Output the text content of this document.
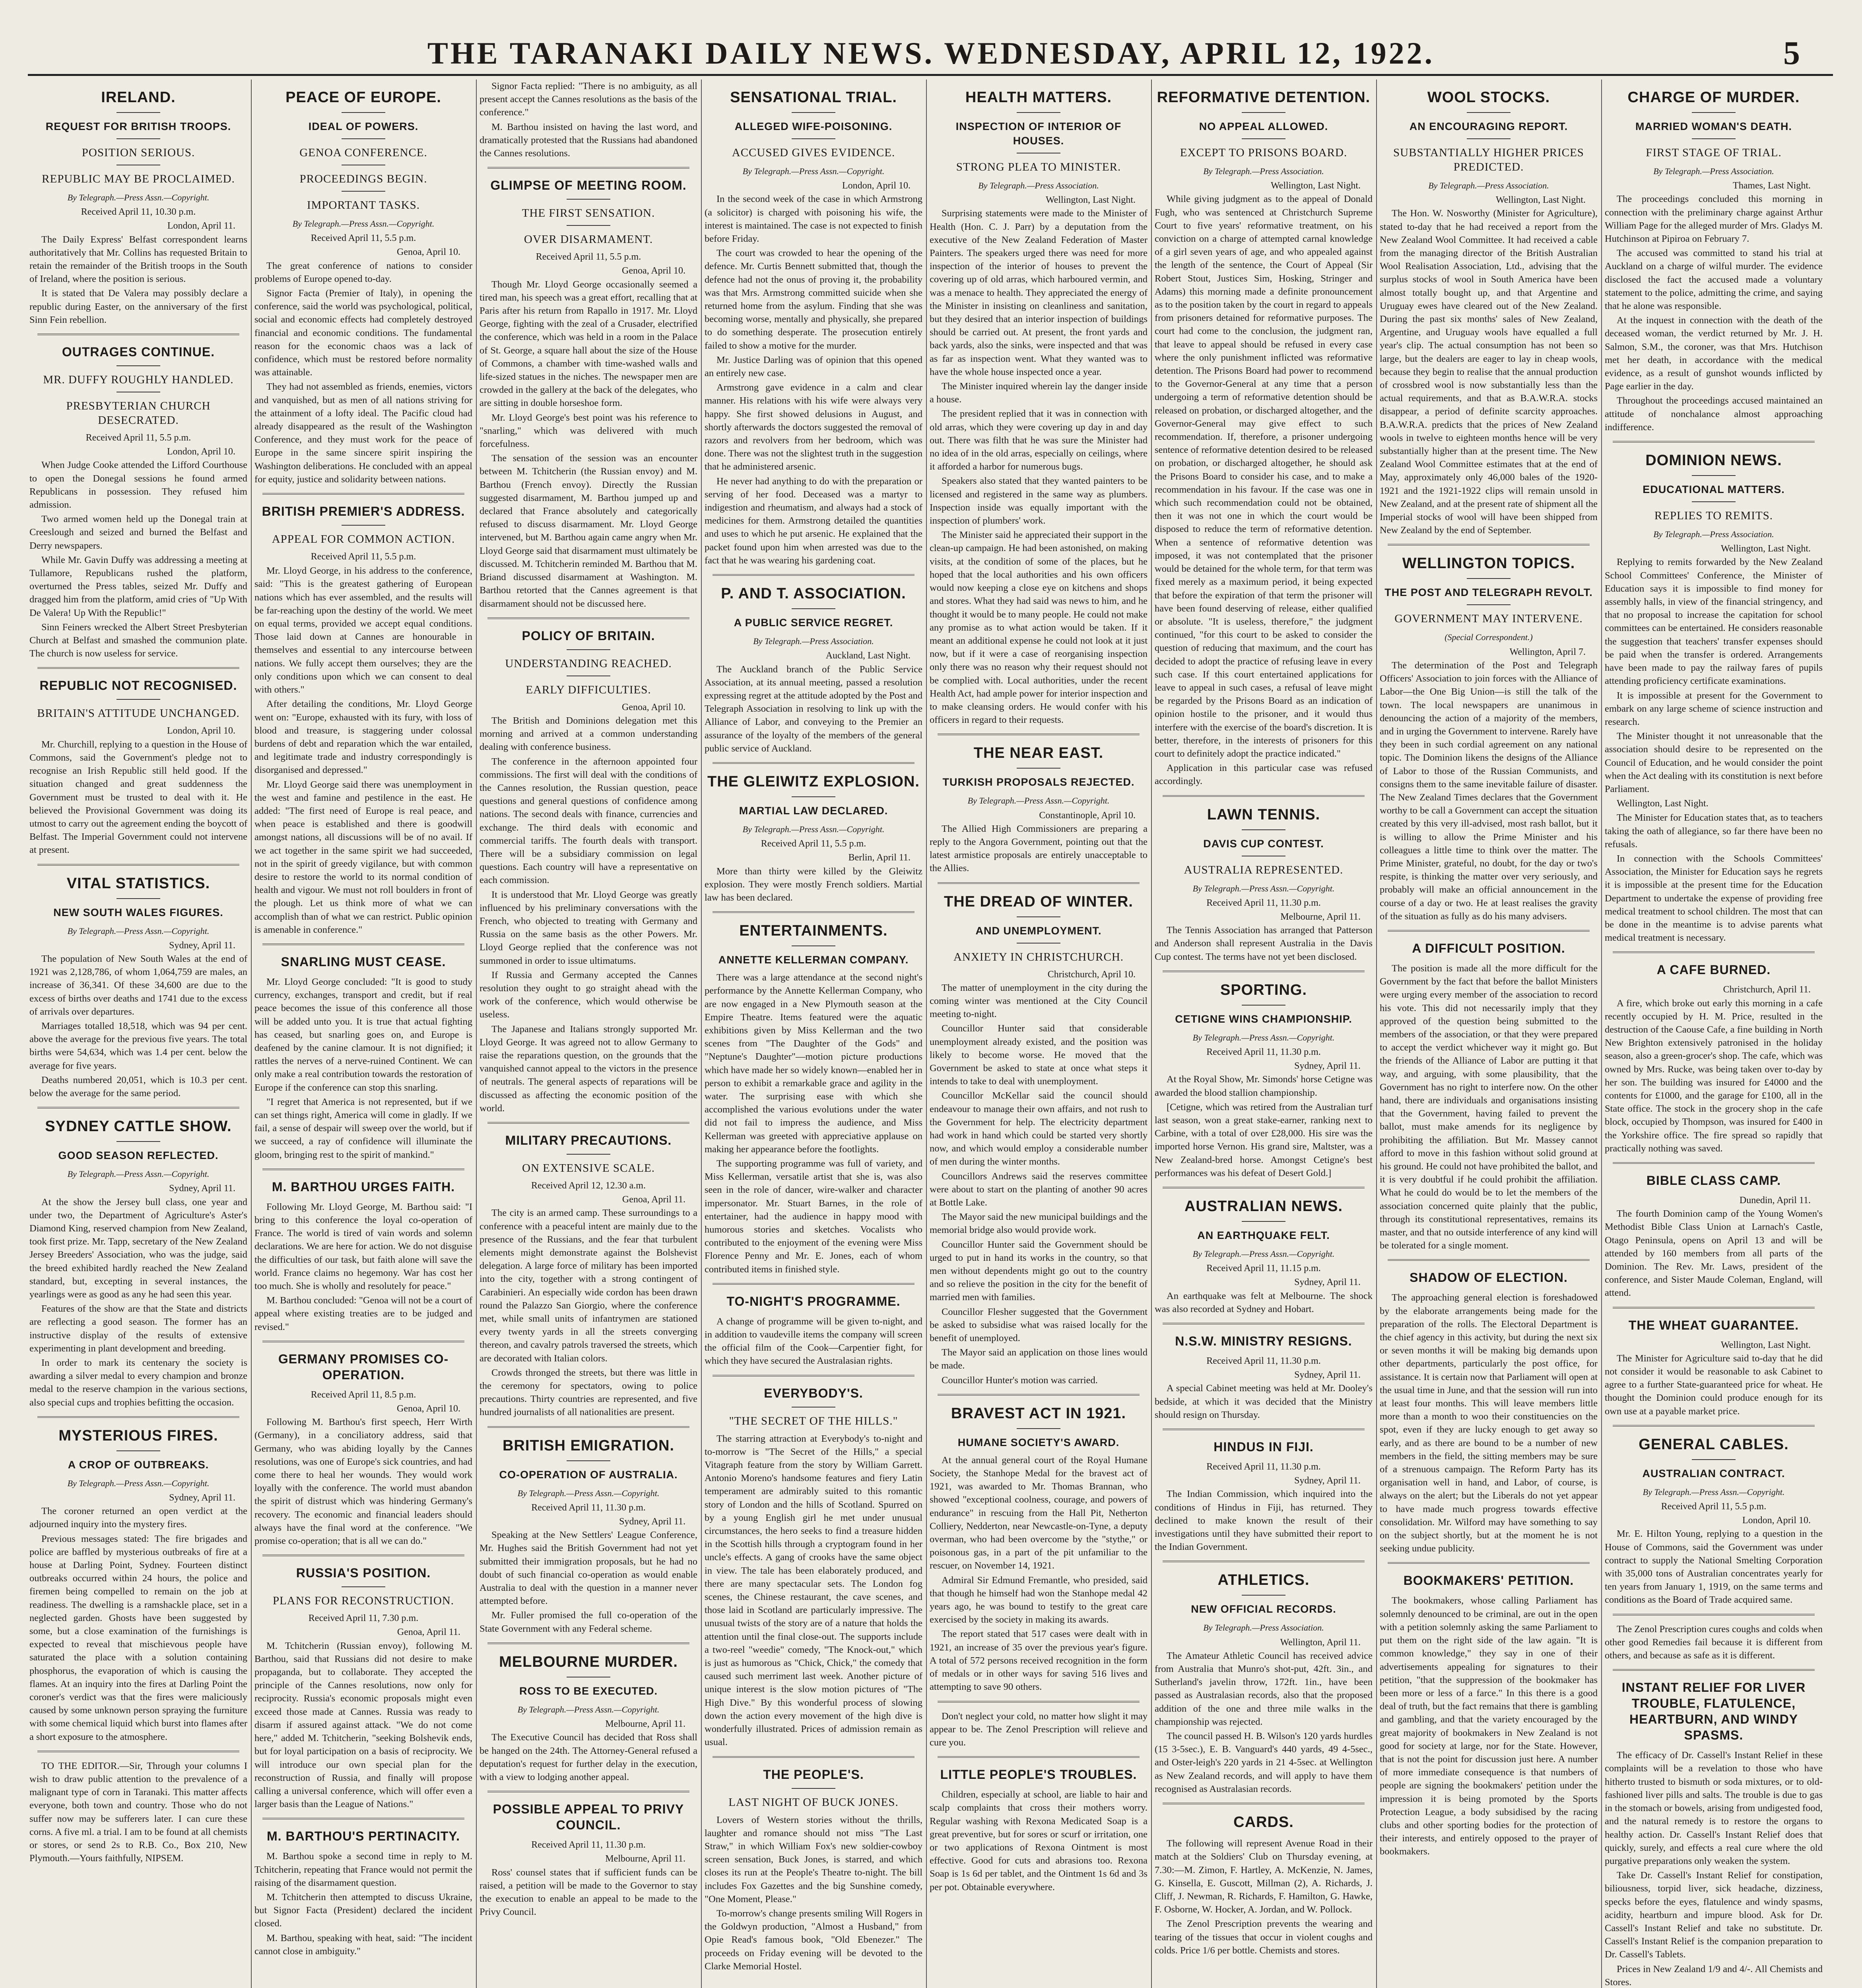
THE TARANAKI DAILY NEWS. WEDNESDAY, APRIL 12, 1922.	5
IRELAND.
REQUEST FOR BRITISH TROOPS.
POSITION SERIOUS.
REPUBLIC MAY BE PROCLAIMED.
By Telegraph.—Press Assn.—Copyright.
Received April 11, 10.30 p.m.
London, April 11.

The Daily Express' Belfast correspondent learns authoritatively that Mr. Collins has requested Britain to retain the remainder of the British troops in the South of Ireland, where the position is serious.

It is stated that De Valera may possibly declare a republic during Easter, on the anniversary of the first Sinn Fein rebellion.

OUTRAGES CONTINUE.
MR. DUFFY ROUGHLY HANDLED.
PRESBYTERIAN CHURCH DESECRATED.
Received April 11, 5.5 p.m.
London, April 10.

When Judge Cooke attended the Lifford Courthouse to open the Donegal sessions he found armed Republicans in possession. They refused him admission.

Two armed women held up the Donegal train at Creeslough and seized and burned the Belfast and Derry newspapers.

While Mr. Gavin Duffy was addressing a meeting at Tullamore, Republicans rushed the platform, overturned the Press tables, seized Mr. Duffy and dragged him from the platform, amid cries of "Up With De Valera! Up With the Republic!"

Sinn Feiners wrecked the Albert Street Presbyterian Church at Belfast and smashed the communion plate. The church is now useless for service.

REPUBLIC NOT RECOGNISED.
BRITAIN'S ATTITUDE UNCHANGED.
London, April 10.

Mr. Churchill, replying to a question in the House of Commons, said the Government's pledge not to recognise an Irish Republic still held good. If the situation changed and great suddenness the Government must be trusted to deal with it. He believed the Provisional Government was doing its utmost to carry out the agreement ending the boycott of Belfast. The Imperial Government could not intervene at present.

VITAL STATISTICS.
NEW SOUTH WALES FIGURES.
By Telegraph.—Press Assn.—Copyright.
Sydney, April 11.

The population of New South Wales at the end of 1921 was 2,128,786, of whom 1,064,759 are males, an increase of 36,341. Of these 34,600 are due to the excess of births over deaths and 1741 due to the excess of arrivals over departures.

Marriages totalled 18,518, which was 94 per cent. above the average for the previous five years. The total births were 54,634, which was 1.4 per cent. below the average for five years.

Deaths numbered 20,051, which is 10.3 per cent. below the average for the same period.

SYDNEY CATTLE SHOW.
GOOD SEASON REFLECTED.
By Telegraph.—Press Assn.—Copyright.
Sydney, April 11.

At the show the Jersey bull class, one year and under two, the Department of Agriculture's Aster's Diamond King, reserved champion from New Zealand, took first prize. Mr. Tapp, secretary of the New Zealand Jersey Breeders' Association, who was the judge, said the breed exhibited hardly reached the New Zealand standard, but, excepting in several instances, the yearlings were as good as any he had seen this year.

Features of the show are that the State and districts are reflecting a good season. The former has an instructive display of the results of extensive experimenting in plant development and breeding.

In order to mark its centenary the society is awarding a silver medal to every champion and bronze medal to the reserve champion in the various sections, also special cups and trophies befitting the occasion.

MYSTERIOUS FIRES.
A CROP OF OUTBREAKS.
By Telegraph.—Press Assn.—Copyright.
Sydney, April 11.

The coroner returned an open verdict at the adjourned inquiry into the mystery fires.

Previous messages stated: The fire brigades and police are baffled by mysterious outbreaks of fire at a house at Darling Point, Sydney. Fourteen distinct outbreaks occurred within 24 hours, the police and firemen being compelled to remain on the job at readiness. The dwelling is a ramshackle place, set in a neglected garden. Ghosts have been suggested by some, but a close examination of the furnishings is expected to reveal that mischievous people have saturated the place with a solution containing phosphorus, the evaporation of which is causing the flames. At an inquiry into the fires at Darling Point the coroner's verdict was that the fires were maliciously caused by some unknown person spraying the furniture with some chemical liquid which burst into flames after a short exposure to the atmosphere.

TO THE EDITOR.—Sir, Through your columns I wish to draw public attention to the prevalence of a malignant type of corn in Taranaki. This matter affects everyone, both town and country. Those who do not suffer now may be sufferers later. I can cure these corns. A five ml. a trial. I am to be found at all chemists or stores, or send 2s to R.B. Co., Box 210, New Plymouth.—Yours faithfully, NIPSEM.

PEACE OF EUROPE.
IDEAL OF POWERS.
GENOA CONFERENCE.
PROCEEDINGS BEGIN.
IMPORTANT TASKS.
By Telegraph.—Press Assn.—Copyright.
Received April 11, 5.5 p.m.
Genoa, April 10.

The great conference of nations to consider problems of Europe opened to-day.

Signor Facta (Premier of Italy), in opening the conference, said the world was psychological, political, social and economic effects had completely destroyed financial and economic conditions. The fundamental reason for the economic chaos was a lack of confidence, which must be restored before normality was attainable.

They had not assembled as friends, enemies, victors and vanquished, but as men of all nations striving for the attainment of a lofty ideal. The Pacific cloud had already disappeared as the result of the Washington Conference, and they must work for the peace of Europe in the same sincere spirit inspiring the Washington deliberations. He concluded with an appeal for equity, justice and solidarity between nations.

BRITISH PREMIER'S ADDRESS.
APPEAL FOR COMMON ACTION.
Received April 11, 5.5 p.m.

Mr. Lloyd George, in his address to the conference, said: "This is the greatest gathering of European nations which has ever assembled, and the results will be far-reaching upon the destiny of the world. We meet on equal terms, provided we accept equal conditions. Those laid down at Cannes are honourable in themselves and essential to any intercourse between nations. We fully accept them ourselves; they are the only conditions upon which we can consent to deal with others."

After detailing the conditions, Mr. Lloyd George went on: "Europe, exhausted with its fury, with loss of blood and treasure, is staggering under colossal burdens of debt and reparation which the war entailed, and legitimate trade and industry correspondingly is disorganised and depressed."

Mr. Lloyd George said there was unemployment in the west and famine and pestilence in the east. He added: "The first need of Europe is real peace, and when peace is established and there is goodwill amongst nations, all discussions will be of no avail. If we act together in the same spirit we had succeeded, not in the spirit of greedy vigilance, but with common desire to restore the world to its normal condition of health and vigour. We must not roll boulders in front of the plough. Let us think more of what we can accomplish than of what we can restrict. Public opinion is amenable in conference."

SNARLING MUST CEASE.

Mr. Lloyd George concluded: "It is good to study currency, exchanges, transport and credit, but if real peace becomes the issue of this conference all those will be added unto you. It is true that actual fighting has ceased, but snarling goes on, and Europe is deafened by the canine clamour. It is not dignified; it rattles the nerves of a nerve-ruined Continent. We can only make a real contribution towards the restoration of Europe if the conference can stop this snarling.

"I regret that America is not represented, but if we can set things right, America will come in gladly. If we fail, a sense of despair will sweep over the world, but if we succeed, a ray of confidence will illuminate the gloom, bringing rest to the spirit of mankind."

M. BARTHOU URGES FAITH.

Following Mr. Lloyd George, M. Barthou said: "I bring to this conference the loyal co-operation of France. The world is tired of vain words and solemn declarations. We are here for action. We do not disguise the difficulties of our task, but faith alone will save the world. France claims no hegemony. War has cost her too much. She is wholly and resolutely for peace."

M. Barthou concluded: "Genoa will not be a court of appeal where existing treaties are to be judged and revised."

GERMANY PROMISES CO-OPERATION.
Received April 11, 8.5 p.m.
Genoa, April 10.

Following M. Barthou's first speech, Herr Wirth (Germany), in a conciliatory address, said that Germany, who was abiding loyally by the Cannes resolutions, was one of Europe's sick countries, and had come there to heal her wounds. They would work loyally with the conference. The world must abandon the spirit of distrust which was hindering Germany's recovery. The economic and financial leaders should always have the final word at the conference. "We promise co-operation; that is all we can do."

RUSSIA'S POSITION.
PLANS FOR RECONSTRUCTION.
Received April 11, 7.30 p.m.
Genoa, April 11.

M. Tchitcherin (Russian envoy), following M. Barthou, said that Russians did not desire to make propaganda, but to collaborate. They accepted the principle of the Cannes resolutions, now only for reciprocity. Russia's economic proposals might even exceed those made at Cannes. Russia was ready to disarm if assured against attack. "We do not come here," added M. Tchitcherin, "seeking Bolshevik ends, but for loyal participation on a basis of reciprocity. We will introduce our own special plan for the reconstruction of Russia, and finally will propose calling a universal conference, which will offer even a larger basis than the League of Nations."

M. BARTHOU'S PERTINACITY.

M. Barthou spoke a second time in reply to M. Tchitcherin, repeating that France would not permit the raising of the disarmament question.

M. Tchitcherin then attempted to discuss Ukraine, but Signor Facta (President) declared the incident closed.

M. Barthou, speaking with heat, said: "The incident cannot close in ambiguity."

Signor Facta replied: "There is no ambiguity, as all present accept the Cannes resolutions as the basis of the conference."

M. Barthou insisted on having the last word, and dramatically protested that the Russians had abandoned the Cannes resolutions.

GLIMPSE OF MEETING ROOM.
THE FIRST SENSATION.
OVER DISARMAMENT.
Received April 11, 5.5 p.m.
Genoa, April 10.

Though Mr. Lloyd George occasionally seemed a tired man, his speech was a great effort, recalling that at Paris after his return from Rapallo in 1917. Mr. Lloyd George, fighting with the zeal of a Crusader, electrified the conference, which was held in a room in the Palace of St. George, a square hall about the size of the House of Commons, a chamber with time-washed walls and life-sized statues in the niches. The newspaper men are crowded in the gallery at the back of the delegates, who are sitting in double horseshoe form.

Mr. Lloyd George's best point was his reference to "snarling," which was delivered with much forcefulness.

The sensation of the session was an encounter between M. Tchitcherin (the Russian envoy) and M. Barthou (French envoy). Directly the Russian suggested disarmament, M. Barthou jumped up and declared that France absolutely and categorically refused to discuss disarmament. Mr. Lloyd George intervened, but M. Barthou again came angry when Mr. Lloyd George said that disarmament must ultimately be discussed. M. Tchitcherin reminded M. Barthou that M. Briand discussed disarmament at Washington. M. Barthou retorted that the Cannes agreement is that disarmament should not be discussed here.

POLICY OF BRITAIN.
UNDERSTANDING REACHED.
EARLY DIFFICULTIES.
Genoa, April 10.

The British and Dominions delegation met this morning and arrived at a common understanding dealing with conference business.

The conference in the afternoon appointed four commissions. The first will deal with the conditions of the Cannes resolution, the Russian question, peace questions and general questions of confidence among nations. The second deals with finance, currencies and exchange. The third deals with economic and commercial tariffs. The fourth deals with transport. There will be a subsidiary commission on legal questions. Each country will have a representative on each commission.

It is understood that Mr. Lloyd George was greatly influenced by his preliminary conversations with the French, who objected to treating with Germany and Russia on the same basis as the other Powers. Mr. Lloyd George replied that the conference was not summoned in order to issue ultimatums.

If Russia and Germany accepted the Cannes resolution they ought to go straight ahead with the work of the conference, which would otherwise be useless.

The Japanese and Italians strongly supported Mr. Lloyd George. It was agreed not to allow Germany to raise the reparations question, on the grounds that the vanquished cannot appeal to the victors in the presence of neutrals. The general aspects of reparations will be discussed as affecting the economic position of the world.

MILITARY PRECAUTIONS.
ON EXTENSIVE SCALE.
Received April 12, 12.30 a.m.
Genoa, April 11.

The city is an armed camp. These surroundings to a conference with a peaceful intent are mainly due to the presence of the Russians, and the fear that turbulent elements might demonstrate against the Bolshevist delegation. A large force of military has been imported into the city, together with a strong contingent of Carabinieri. An especially wide cordon has been drawn round the Palazzo San Giorgio, where the conference met, while small units of infantrymen are stationed every twenty yards in all the streets converging thereon, and cavalry patrols traversed the streets, which are decorated with Italian colors.

Crowds thronged the streets, but there was little in the ceremony for spectators, owing to police precautions. Thirty countries are represented, and five hundred journalists of all nationalities are present.

BRITISH EMIGRATION.
CO-OPERATION OF AUSTRALIA.
By Telegraph.—Press Assn.—Copyright.
Received April 11, 11.30 p.m.
Sydney, April 11.

Speaking at the New Settlers' League Conference, Mr. Hughes said the British Government had not yet submitted their immigration proposals, but he had no doubt of such financial co-operation as would enable Australia to deal with the question in a manner never attempted before.

Mr. Fuller promised the full co-operation of the State Government with any Federal scheme.

MELBOURNE MURDER.
ROSS TO BE EXECUTED.
By Telegraph.—Press Assn.—Copyright.
Melbourne, April 11.

The Executive Council has decided that Ross shall be hanged on the 24th. The Attorney-General refused a deputation's request for further delay in the execution, with a view to lodging another appeal.

POSSIBLE APPEAL TO PRIVY COUNCIL.
Received April 11, 11.30 p.m.
Melbourne, April 11.

Ross' counsel states that if sufficient funds can be raised, a petition will be made to the Governor to stay the execution to enable an appeal to be made to the Privy Council.

SENSATIONAL TRIAL.
ALLEGED WIFE-POISONING.
ACCUSED GIVES EVIDENCE.
By Telegraph.—Press Assn.—Copyright.
London, April 10.

In the second week of the case in which Armstrong (a solicitor) is charged with poisoning his wife, the interest is maintained. The case is not expected to finish before Friday.

The court was crowded to hear the opening of the defence. Mr. Curtis Bennett submitted that, though the defence had not the onus of proving it, the probability was that Mrs. Armstrong committed suicide when she returned home from the asylum. Finding that she was becoming worse, mentally and physically, she prepared to do something desperate. The prosecution entirely failed to show a motive for the murder.

Mr. Justice Darling was of opinion that this opened an entirely new case.

Armstrong gave evidence in a calm and clear manner. His relations with his wife were always very happy. She first showed delusions in August, and shortly afterwards the doctors suggested the removal of razors and revolvers from her bedroom, which was done. There was not the slightest truth in the suggestion that he administered arsenic.

He never had anything to do with the preparation or serving of her food. Deceased was a martyr to indigestion and rheumatism, and always had a stock of medicines for them. Armstrong detailed the quantities and uses to which he put arsenic. He explained that the packet found upon him when arrested was due to the fact that he was wearing his gardening coat.

P. AND T. ASSOCIATION.
A PUBLIC SERVICE REGRET.
By Telegraph.—Press Association.
Auckland, Last Night.

The Auckland branch of the Public Service Association, at its annual meeting, passed a resolution expressing regret at the attitude adopted by the Post and Telegraph Association in resolving to link up with the Alliance of Labor, and conveying to the Premier an assurance of the loyalty of the members of the general public service of Auckland.

THE GLEIWITZ EXPLOSION.
MARTIAL LAW DECLARED.
By Telegraph.—Press Assn.—Copyright.
Received April 11, 5.5 p.m.
Berlin, April 11.

More than thirty were killed by the Gleiwitz explosion. They were mostly French soldiers. Martial law has been declared.

ENTERTAINMENTS.
ANNETTE KELLERMAN COMPANY.

There was a large attendance at the second night's performance by the Annette Kellerman Company, who are now engaged in a New Plymouth season at the Empire Theatre. Items featured were the aquatic exhibitions given by Miss Kellerman and the two scenes from "The Daughter of the Gods" and "Neptune's Daughter"—motion picture productions which have made her so widely known—enabled her in person to exhibit a remarkable grace and agility in the water. The surprising ease with which she accomplished the various evolutions under the water did not fail to impress the audience, and Miss Kellerman was greeted with appreciative applause on making her appearance before the footlights.

The supporting programme was full of variety, and Miss Kellerman, versatile artist that she is, was also seen in the role of dancer, wire-walker and character impersonator. Mr. Stuart Barnes, in the role of entertainer, had the audience in happy mood with humorous stories and sketches. Vocalists who contributed to the enjoyment of the evening were Miss Florence Penny and Mr. E. Jones, each of whom contributed items in finished style.

TO-NIGHT'S PROGRAMME.

A change of programme will be given to-night, and in addition to vaudeville items the company will screen the official film of the Cook—Carpentier fight, for which they have secured the Australasian rights.

EVERYBODY'S.
"THE SECRET OF THE HILLS."

The starring attraction at Everybody's to-night and to-morrow is "The Secret of the Hills," a special Vitagraph feature from the story by William Garrett. Antonio Moreno's handsome features and fiery Latin temperament are admirably suited to this romantic story of London and the hills of Scotland. Spurred on by a young English girl he met under unusual circumstances, the hero seeks to find a treasure hidden in the Scottish hills through a cryptogram found in her uncle's effects. A gang of crooks have the same object in view. The tale has been elaborately produced, and there are many spectacular sets. The London fog scenes, the Chinese restaurant, the cave scenes, and those laid in Scotland are particularly impressive. The unusual twists of the story are of a nature that holds the attention until the final close-out. The supports include a two-reel "weedie" comedy, "The Knock-out," which is just as humorous as "Chick, Chick," the comedy that caused such merriment last week. Another picture of unique interest is the slow motion pictures of "The High Dive." By this wonderful process of slowing down the action every movement of the high dive is wonderfully illustrated. Prices of admission remain as usual.

THE PEOPLE'S.
LAST NIGHT OF BUCK JONES.

Lovers of Western stories without the thrills, laughter and romance should not miss "The Last Straw," in which William Fox's new soldier-cowboy screen sensation, Buck Jones, is starred, and which closes its run at the People's Theatre to-night. The bill includes Fox Gazettes and the big Sunshine comedy, "One Moment, Please."

To-morrow's change presents smiling Will Rogers in the Goldwyn production, "Almost a Husband," from Opie Read's famous book, "Old Ebenezer." The proceeds on Friday evening will be devoted to the Clarke Memorial Hostel.

HEALTH MATTERS.
INSPECTION OF INTERIOR OF HOUSES.
STRONG PLEA TO MINISTER.
By Telegraph.—Press Association.
Wellington, Last Night.

Surprising statements were made to the Minister of Health (Hon. C. J. Parr) by a deputation from the executive of the New Zealand Federation of Master Painters. The speakers urged there was need for more inspection of the interior of houses to prevent the covering up of old arras, which harboured vermin, and was a menace to health. They appreciated the energy of the Minister in insisting on cleanliness and sanitation, but they desired that an interior inspection of buildings should be carried out. At present, the front yards and back yards, also the sinks, were inspected and that was as far as inspection went. What they wanted was to have the whole house inspected once a year.

The Minister inquired wherein lay the danger inside a house.

The president replied that it was in connection with old arras, which they were covering up day in and day out. There was filth that he was sure the Minister had no idea of in the old arras, especially on ceilings, where it afforded a harbor for numerous bugs.

Speakers also stated that they wanted painters to be licensed and registered in the same way as plumbers. Inspection inside was equally important with the inspection of plumbers' work.

The Minister said he appreciated their support in the clean-up campaign. He had been astonished, on making visits, at the condition of some of the places, but he hoped that the local authorities and his own officers would now keeping a close eye on kitchens and shops and stores. What they had said was news to him, and he thought it would be to many people. He could not make any promise as to what action would be taken. If it meant an additional expense he could not look at it just now, but if it were a case of reorganising inspection only there was no reason why their request should not be complied with. Local authorities, under the recent Health Act, had ample power for interior inspection and to make cleansing orders. He would confer with his officers in regard to their requests.

THE NEAR EAST.
TURKISH PROPOSALS REJECTED.
By Telegraph.—Press Assn.—Copyright.
Constantinople, April 10.

The Allied High Commissioners are preparing a reply to the Angora Government, pointing out that the latest armistice proposals are entirely unacceptable to the Allies.

THE DREAD OF WINTER.
AND UNEMPLOYMENT.
ANXIETY IN CHRISTCHURCH.
Christchurch, April 10.

The matter of unemployment in the city during the coming winter was mentioned at the City Council meeting to-night.

Councillor Hunter said that considerable unemployment already existed, and the position was likely to become worse. He moved that the Government be asked to state at once what steps it intends to take to deal with unemployment.

Councillor McKellar said the council should endeavour to manage their own affairs, and not rush to the Government for help. The electricity department had work in hand which could be started very shortly now, and which would employ a considerable number of men during the winter months.

Councillors Andrews said the reserves committee were about to start on the planting of another 90 acres at Bottle Lake.

The Mayor said the new municipal buildings and the memorial bridge also would provide work.

Councillor Hunter said the Government should be urged to put in hand its works in the country, so that men without dependents might go out to the country and so relieve the position in the city for the benefit of married men with families.

Councillor Flesher suggested that the Government be asked to subsidise what was raised locally for the benefit of unemployed.

The Mayor said an application on those lines would be made.

Councillor Hunter's motion was carried.

BRAVEST ACT IN 1921.
HUMANE SOCIETY'S AWARD.

At the annual general court of the Royal Humane Society, the Stanhope Medal for the bravest act of 1921, was awarded to Mr. Thomas Brannan, who showed "exceptional coolness, courage, and powers of endurance" in rescuing from the Hall Pit, Netherton Colliery, Nedderton, near Newcastle-on-Tyne, a deputy overman, who had been overcome by the "stythe," or poisonous gas, in a part of the pit unfamiliar to the rescuer, on November 14, 1921.

Admiral Sir Edmund Fremantle, who presided, said that though he himself had won the Stanhope medal 42 years ago, he was bound to testify to the great care exercised by the society in making its awards.

The report stated that 517 cases were dealt with in 1921, an increase of 35 over the previous year's figure. A total of 572 persons received recognition in the form of medals or in other ways for saving 516 lives and attempting to save 90 others.

Don't neglect your cold, no matter how slight it may appear to be. The Zenol Prescription will relieve and cure you.

LITTLE PEOPLE'S TROUBLES.

Children, especially at school, are liable to hair and scalp complaints that cross their mothers worry. Regular washing with Rexona Medicated Soap is a great preventive, but for sores or scurf or irritation, one or two applications of Rexona Ointment is most effective. Good for cuts and abrasions too. Rexona Soap is 1s 6d per tablet, and the Ointment 1s 6d and 3s per pot. Obtainable everywhere.

REFORMATIVE DETENTION.
NO APPEAL ALLOWED.
EXCEPT TO PRISONS BOARD.
By Telegraph.—Press Association.
Wellington, Last Night.

While giving judgment as to the appeal of Donald Fugh, who was sentenced at Christchurch Supreme Court to five years' reformative treatment, on his conviction on a charge of attempted carnal knowledge of a girl seven years of age, and who appealed against the length of the sentence, the Court of Appeal (Sir Robert Stout, Justices Sim, Hosking, Stringer and Adams) this morning made a definite pronouncement as to the position taken by the court in regard to appeals from prisoners detained for reformative purposes. The court had come to the conclusion, the judgment ran, that leave to appeal should be refused in every case where the only punishment inflicted was reformative detention. The Prisons Board had power to recommend to the Governor-General at any time that a person undergoing a term of reformative detention should be released on probation, or discharged altogether, and the Governor-General may give effect to such recommendation. If, therefore, a prisoner undergoing sentence of reformative detention desired to be released on probation, or discharged altogether, he should ask the Prisons Board to consider his case, and to make a recommendation in his favour. If the case was one in which such recommendation could not be obtained, then it was not one in which the court would be disposed to reduce the term of reformative detention. When a sentence of reformative detention was imposed, it was not contemplated that the prisoner would be detained for the whole term, for that term was fixed merely as a maximum period, it being expected that before the expiration of that term the prisoner will have been found deserving of release, either qualified or absolute. "It is useless, therefore," the judgment continued, "for this court to be asked to consider the question of reducing that maximum, and the court has decided to adopt the practice of refusing leave in every such case. If this court entertained applications for leave to appeal in such cases, a refusal of leave might be regarded by the Prisons Board as an indication of opinion hostile to the prisoner, and it would thus interfere with the exercise of the board's discretion. It is better, therefore, in the interests of prisoners for this court to definitely adopt the practice indicated."

Application in this particular case was refused accordingly.

LAWN TENNIS.
DAVIS CUP CONTEST.
AUSTRALIA REPRESENTED.
By Telegraph.—Press Assn.—Copyright.
Received April 11, 11.30 p.m.
Melbourne, April 11.

The Tennis Association has arranged that Patterson and Anderson shall represent Australia in the Davis Cup contest. The terms have not yet been disclosed.

SPORTING.
CETIGNE WINS CHAMPIONSHIP.
By Telegraph.—Press Assn.—Copyright.
Received April 11, 11.30 p.m.
Sydney, April 11.

At the Royal Show, Mr. Simonds' horse Cetigne was awarded the blood stallion championship.

[Cetigne, which was retired from the Australian turf last season, won a great stake-earner, ranking next to Carbine, with a total of over £28,000. His sire was the imported horse Vernon. His grand sire, Maltster, was a New Zealand-bred horse. Amongst Cetigne's best performances was his defeat of Desert Gold.]

AUSTRALIAN NEWS.
AN EARTHQUAKE FELT.
By Telegraph.—Press Assn.—Copyright.
Received April 11, 11.15 p.m.
Sydney, April 11.

An earthquake was felt at Melbourne. The shock was also recorded at Sydney and Hobart.

N.S.W. MINISTRY RESIGNS.
Received April 11, 11.30 p.m.
Sydney, April 11.

A special Cabinet meeting was held at Mr. Dooley's bedside, at which it was decided that the Ministry should resign on Thursday.

HINDUS IN FIJI.
Received April 11, 11.30 p.m.
Sydney, April 11.

The Indian Commission, which inquired into the conditions of Hindus in Fiji, has returned. They declined to make known the result of their investigations until they have submitted their report to the Indian Government.

ATHLETICS.
NEW OFFICIAL RECORDS.
By Telegraph.—Press Association.
Wellington, April 11.

The Amateur Athletic Council has received advice from Australia that Munro's shot-put, 42ft. 3in., and Sutherland's javelin throw, 172ft. 1in., have been passed as Australasian records, also that the proposed addition of the one and three mile walks in the championship was rejected.

The council passed H. B. Wilson's 120 yards hurdles (15 3-5sec.), E. B. Vanguard's 440 yards, 49 4-5sec., and Oster-leigh's 220 yards in 21 4-5sec. at Wellington as New Zealand records, and will apply to have them recognised as Australasian records.

CARDS.

The following will represent Avenue Road in their match at the Soldiers' Club on Thursday evening, at 7.30:—M. Zimon, F. Hartley, A. McKenzie, N. James, G. Kinsella, E. Guscott, Millman (2), A. Richards, J. Cliff, J. Newman, R. Richards, F. Hamilton, G. Hawke, F. Osborne, W. Hocker, A. Jordan, and W. Pollock.

The Zenol Prescription prevents the wearing and tearing of the tissues that occur in violent coughs and colds. Price 1/6 per bottle. Chemists and stores.

WOOL STOCKS.
AN ENCOURAGING REPORT.
SUBSTANTIALLY HIGHER PRICES PREDICTED.
By Telegraph.—Press Association.
Wellington, Last Night.

The Hon. W. Nosworthy (Minister for Agriculture), stated to-day that he had received a report from the New Zealand Wool Committee. It had received a cable from the managing director of the British Australian Wool Realisation Association, Ltd., advising that the surplus stocks of wool in South America have been almost totally bought up, and that Argentine and Uruguay ewes have cleared out of the New Zealand. During the past six months' sales of New Zealand, Argentine, and Uruguay wools have equalled a full year's clip. The actual consumption has not been so large, but the dealers are eager to lay in cheap wools, because they begin to realise that the annual production of crossbred wool is now substantially less than the actual requirements, and that as B.A.W.R.A. stocks disappear, a period of definite scarcity approaches. B.A.W.R.A. predicts that the prices of New Zealand wools in twelve to eighteen months hence will be very substantially higher than at the present time. The New Zealand Wool Committee estimates that at the end of May, approximately only 46,000 bales of the 1920-1921 and the 1921-1922 clips will remain unsold in New Zealand, and at the present rate of shipment all the Imperial stocks of wool will have been shipped from New Zealand by the end of September.

WELLINGTON TOPICS.
THE POST AND TELEGRAPH REVOLT.
GOVERNMENT MAY INTERVENE.
(Special Correspondent.)
Wellington, April 7.

The determination of the Post and Telegraph Officers' Association to join forces with the Alliance of Labor—the One Big Union—is still the talk of the town. The local newspapers are unanimous in denouncing the action of a majority of the members, and in urging the Government to intervene. Rarely have they been in such cordial agreement on any national topic. The Dominion likens the designs of the Alliance of Labor to those of the Russian Communists, and consigns them to the same inevitable failure of disaster. The New Zealand Times declares that the Government worthy to be call a Government can accept the situation created by this very ill-advised, most rash ballot, but it is willing to allow the Prime Minister and his colleagues a little time to think over the matter. The Prime Minister, grateful, no doubt, for the day or two's respite, is thinking the matter over very seriously, and probably will make an official announcement in the course of a day or two. He at least realises the gravity of the situation as fully as do his many advisers.

A DIFFICULT POSITION.

The position is made all the more difficult for the Government by the fact that before the ballot Ministers were urging every member of the association to record his vote. This did not necessarily imply that they approved of the question being submitted to the members of the association, or that they were prepared to accept the verdict whichever way it might go. But the friends of the Alliance of Labor are putting it that way, and arguing, with some plausibility, that the Government has no right to interfere now. On the other hand, there are individuals and organisations insisting that the Government, having failed to prevent the ballot, must make amends for its negligence by prohibiting the affiliation. But Mr. Massey cannot afford to move in this fashion without solid ground at his ground. He could not have prohibited the ballot, and it is very doubtful if he could prohibit the affiliation. What he could do would be to let the members of the association concerned quite plainly that the public, through its constitutional representatives, remains its master, and that no outside interference of any kind will be tolerated for a single moment.

SHADOW OF ELECTION.

The approaching general election is foreshadowed by the elaborate arrangements being made for the preparation of the rolls. The Electoral Department is the chief agency in this activity, but during the next six or seven months it will be making big demands upon other departments, particularly the post office, for assistance. It is certain now that Parliament will open at the usual time in June, and that the session will run into at least four months. This will leave members little more than a month to woo their constituencies on the spot, even if they are lucky enough to get away so early, and as there are bound to be a number of new members in the field, the sitting members may be sure of a strenuous campaign. The Reform Party has its organisation well in hand, and Labor, of course, is always on the alert; but the Liberals do not yet appear to have made much progress towards effective consolidation. Mr. Wilford may have something to say on the subject shortly, but at the moment he is not seeking undue publicity.

BOOKMAKERS' PETITION.

The bookmakers, whose calling Parliament has solemnly denounced to be criminal, are out in the open with a petition solemnly asking the same Parliament to put them on the right side of the law again. "It is common knowledge," they say in one of their advertisements appealing for signatures to their petition, "that the suppression of the bookmaker has been more or less of a farce." In this there is a good deal of truth, but the fact remains that there is gambling and gambling, and that the variety encouraged by the great majority of bookmakers in New Zealand is not good for society at large, nor for the State. However, that is not the point for discussion just here. A number of more immediate consequence is that numbers of people are signing the bookmakers' petition under the impression it is being promoted by the Sports Protection League, a body subsidised by the racing clubs and other sporting bodies for the protection of their interests, and entirely opposed to the prayer of bookmakers.

CHARGE OF MURDER.
MARRIED WOMAN'S DEATH.
FIRST STAGE OF TRIAL.
By Telegraph.—Press Association.
Thames, Last Night.

The proceedings concluded this morning in connection with the preliminary charge against Arthur William Page for the alleged murder of Mrs. Gladys M. Hutchinson at Pipiroa on February 7.

The accused was committed to stand his trial at Auckland on a charge of wilful murder. The evidence disclosed the fact the accused made a voluntary statement to the police, admitting the crime, and saying that he alone was responsible.

At the inquest in connection with the death of the deceased woman, the verdict returned by Mr. J. H. Salmon, S.M., the coroner, was that Mrs. Hutchison met her death, in accordance with the medical evidence, as a result of gunshot wounds inflicted by Page earlier in the day.

Throughout the proceedings accused maintained an attitude of nonchalance almost approaching indifference.

DOMINION NEWS.
EDUCATIONAL MATTERS.
REPLIES TO REMITS.
By Telegraph.—Press Association.
Wellington, Last Night.

Replying to remits forwarded by the New Zealand School Committees' Conference, the Minister of Education says it is impossible to find money for assembly halls, in view of the financial stringency, and that no proposal to increase the capitation for school committees can be entertained. He considers reasonable the suggestion that teachers' transfer expenses should be paid when the transfer is ordered. Arrangements have been made to pay the railway fares of pupils attending proficiency certificate examinations.

It is impossible at present for the Government to embark on any large scheme of science instruction and research.

The Minister thought it not unreasonable that the association should desire to be represented on the Council of Education, and he would consider the point when the Act dealing with its constitution is next before Parliament.

Wellington, Last Night.

The Minister for Education states that, as to teachers taking the oath of allegiance, so far there have been no refusals.

In connection with the Schools Committees' Association, the Minister for Education says he regrets it is impossible at the present time for the Education Department to undertake the expense of providing free medical treatment to school children. The most that can be done in the meantime is to advise parents what medical treatment is necessary.

A CAFE BURNED.
Christchurch, April 11.

A fire, which broke out early this morning in a cafe recently occupied by H. M. Price, resulted in the destruction of the Caouse Cafe, a fine building in North New Brighton extensively patronised in the holiday season, also a green-grocer's shop. The cafe, which was owned by Mrs. Rucke, was being taken over to-day by her son. The building was insured for £4000 and the contents for £1000, and the garage for £100, all in the State office. The stock in the grocery shop in the cafe block, occupied by Thompson, was insured for £400 in the Yorkshire office. The fire spread so rapidly that practically nothing was saved.

BIBLE CLASS CAMP.
Dunedin, April 11.

The fourth Dominion camp of the Young Women's Methodist Bible Class Union at Larnach's Castle, Otago Peninsula, opens on April 13 and will be attended by 160 members from all parts of the Dominion. The Rev. Mr. Laws, president of the conference, and Sister Maude Coleman, England, will attend.

THE WHEAT GUARANTEE.
Wellington, Last Night.

The Minister for Agriculture said to-day that he did not consider it would be reasonable to ask Cabinet to agree to a further State-guaranteed price for wheat. He thought the Dominion could produce enough for its own use at a payable market price.

GENERAL CABLES.
AUSTRALIAN CONTRACT.
By Telegraph.—Press Assn.—Copyright.
Received April 11, 5.5 p.m.
London, April 10.

Mr. E. Hilton Young, replying to a question in the House of Commons, said the Government was under contract to supply the National Smelting Corporation with 35,000 tons of Australian concentrates yearly for ten years from January 1, 1919, on the same terms and conditions as the Board of Trade acquired same.

The Zenol Prescription cures coughs and colds when other good Remedies fail because it is different from others, and because as safe as it is different.

INSTANT RELIEF FOR LIVER TROUBLE, FLATULENCE, HEARTBURN, AND WINDY SPASMS.

The efficacy of Dr. Cassell's Instant Relief in these complaints will be a revelation to those who have hitherto trusted to bismuth or soda mixtures, or to old-fashioned liver pills and salts. The trouble is due to gas in the stomach or bowels, arising from undigested food, and the natural remedy is to restore the organs to healthy action. Dr. Cassell's Instant Relief does that quickly, surely, and effects a real cure where the old purgative preparations only weaken the system.

Take Dr. Cassell's Instant Relief for constipation, biliousness, torpid liver, sick headache, dizziness, specks before the eyes, flatulence and windy spasms, acidity, heartburn and impure blood. Ask for Dr. Cassell's Instant Relief and take no substitute. Dr. Cassell's Instant Relief is the companion preparation to Dr. Cassell's Tablets.

Prices in New Zealand 1/9 and 4/-. All Chemists and Stores.
